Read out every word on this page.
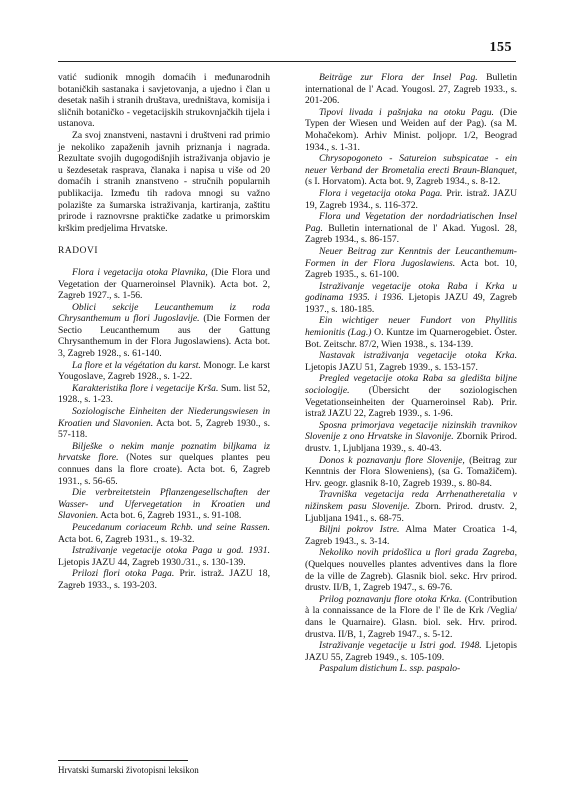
155

vatić sudionik mnogih domaćih i međunarodnih botaničkih sastanaka i savjetovanja, a ujedno i član u desetak naših i stranih društava, uredništava, komisija i sličnih botaničko - vegetacijskih strukovnjačkih tijela i ustanova.

Za svoj znanstveni, nastavni i društveni rad primio je nekoliko zapaženih javnih priznanja i nagrada. Rezultate svojih dugogodišnjih istraživanja objavio je u šezdesetak rasprava, članaka i napisa u više od 20 domaćih i stranih znanstveno - stručnih popularnih publikacija. Između tih radova mnogi su važno polazište za šumarska istraživanja, kartiranja, zaštitu prirode i raznovrsne praktičke zadatke u primorskim krškim predjelima Hrvatske.

RADOVI

Flora i vegetacija otoka Plavnika, (Die Flora und Vegetation der Quarneroinsel Plavnik). Acta bot. 2, Zagreb 1927., s. 1-56.

Oblici sekcije Leucanthemum iz roda Chrysanthemum u flori Jugoslavije. (Die Formen der Sectio Leucanthemum aus der Gattung Chrysanthemum in der Flora Jugoslawiens). Acta bot. 3, Zagreb 1928., s. 61-140.

La flore et la végétation du karst. Monogr. Le karst Yougoslave, Zagreb 1928., s. 1-22.

Karakteristika flore i vegetacije Krša. Sum. list 52, 1928., s. 1-23.

Soziologische Einheiten der Niederungswiesen in Kroatien und Slavonien. Acta bot. 5, Zagreb 1930., s. 57-118.

Bilješke o nekim manje poznatim biljkama iz hrvatske flore. (Notes sur quelques plantes peu connues dans la flore croate). Acta bot. 6, Zagreb 1931., s. 56-65.

Die verbreitetstein Pflanzengesellschaften der Wasser- und Ufervegetation in Kroatien und Slavonien. Acta bot. 6, Zagreb 1931., s. 91-108.

Peucedanum coriaceum Rchb. und seine Rassen. Acta bot. 6, Zagreb 1931., s. 19-32.

Istraživanje vegetacije otoka Paga u god. 1931. Ljetopis JAZU 44, Zagreb 1930./31., s. 130-139.

Prilozi flori otoka Paga. Prir. istraž. JAZU 18, Zagreb 1933., s. 193-203.

Beiträge zur Flora der Insel Pag. Bulletin international de l' Acad. Yougosl. 27, Zagreb 1933., s. 201-206.

Tipovi livada i pašnjaka na otoku Pagu. (Die Typen der Wiesen und Weiden auf der Pag). (sa M. Mohačekom). Arhiv Minist. poljopr. 1/2, Beograd 1934., s. 1-31.

Chrysopogoneto - Satureion subspicatae - ein neuer Verband der Brometalia erecti Braun-Blanquet, (s I. Horvatom). Acta bot. 9, Zagreb 1934., s. 8-12.

Flora i vegetacija otoka Paga. Prir. istraž. JAZU 19, Zagreb 1934., s. 116-372.

Flora und Vegetation der nordadriatischen Insel Pag. Bulletin international de l' Akad. Yugosl. 28, Zagreb 1934., s. 86-157.

Neuer Beitrag zur Kenntnis der Leucanthemum-Formen in der Flora Jugoslawiens. Acta bot. 10, Zagreb 1935., s. 61-100.

Istraživanje vegetacije otoka Raba i Krka u godinama 1935. i 1936. Ljetopis JAZU 49, Zagreb 1937., s. 180-185.

Ein wichtiger neuer Fundort von Phyllitis hemionitis (Lag.) O. Kuntze im Quarnerogebiet. Öster. Bot. Zeitschr. 87/2, Wien 1938., s. 134-139.

Nastavak istraživanja vegetacije otoka Krka. Ljetopis JAZU 51, Zagreb 1939., s. 153-157.

Pregled vegetacije otoka Raba sa gledišta biljne sociologije. (Übersicht der soziologischen Vegetationseinheiten der Quarneroinsel Rab). Prir. istraž JAZU 22, Zagreb 1939., s. 1-96.

Sposna primorjava vegetacije nizinskih travnikov Slovenije z ono Hrvatske in Slavonije. Zbornik Prirod. drustv. 1, Ljubljana 1939., s. 40-43.

Donos k poznavanju flore Slovenije, (Beitrag zur Kenntnis der Flora Sloweniens), (sa G. Tomažičem). Hrv. geogr. glasnik 8-10, Zagreb 1939., s. 80-84.

Travniška vegetacija reda Arrhenatheretalia v nižinskem pasu Slovenije. Zborn. Prirod. drustv. 2, Ljubljana 1941., s. 68-75.

Biljni pokrov Istre. Alma Mater Croatica 1-4, Zagreb 1943., s. 3-14.

Nekoliko novih pridošlica u flori grada Zagreba, (Quelques nouvelles plantes adventives dans la flore de la ville de Zagreb). Glasnik biol. sekc. Hrv prirod. drustv. II/B, 1, Zagreb 1947., s. 69-76.

Prilog poznavanju flore otoka Krka. (Contribution à la connaissance de la Flore de l' île de Krk /Veglia/ dans le Quarnaire). Glasn. biol. sek. Hrv. prirod. drustva. II/B, 1, Zagreb 1947., s. 5-12.

Istraživanje vegetacije u Istri god. 1948. Ljetopis JAZU 55, Zagreb 1949., s. 105-109.

Paspalum distichum L. ssp. paspalo-

Hrvatski šumarski životopisni leksikon
